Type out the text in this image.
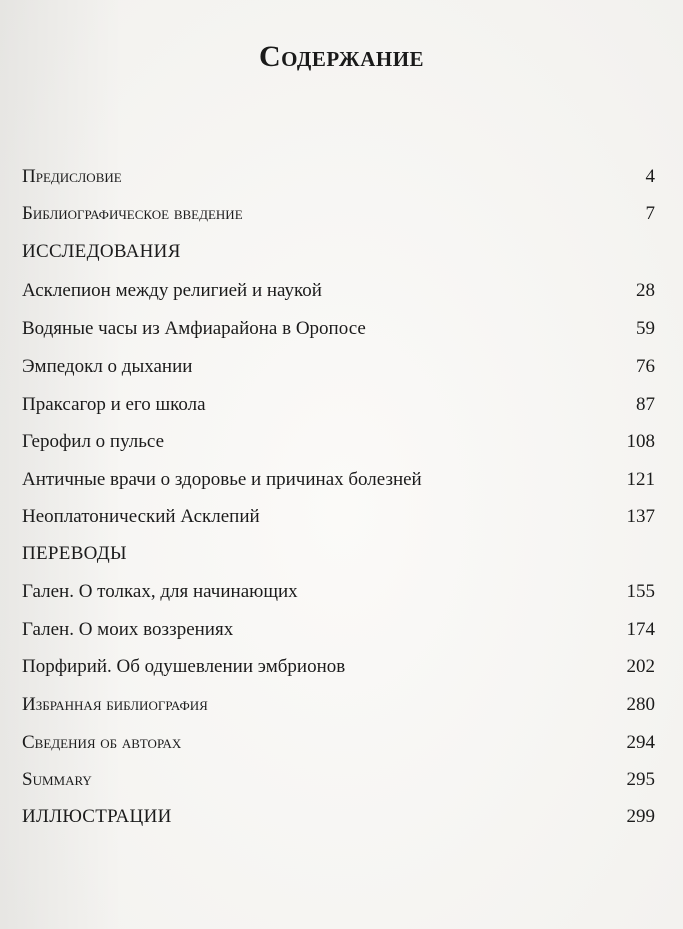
Содержание
Предисловие	4
Библиографическое введение	7
ИССЛЕДОВАНИЯ
Асклепион между религией и наукой	28
Водяные часы из Амфиарайона в Оропосе	59
Эмпедокл о дыхании	76
Праксагор и его школа	87
Герофил о пульсе	108
Античные врачи о здоровье и причинах болезней	121
Неоплатонический Асклепий	137
ПЕРЕВОДЫ
Гален. О толках, для начинающих	155
Гален. О моих воззрениях	174
Порфирий. Об одушевлении эмбрионов	202
Избранная библиография	280
Сведения об авторах	294
Summary	295
ИЛЛЮСТРАЦИИ	299
